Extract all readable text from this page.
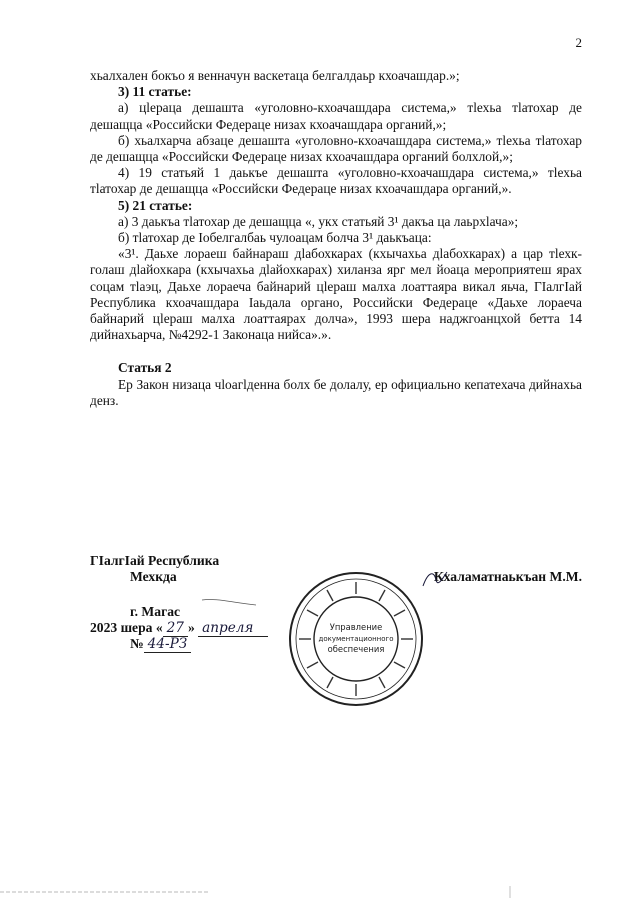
2

хьалхален бокъо я венначун васкетаца белгалдаьр кхоачашдар.»;

3) 11 статье:

а) цlераца дешашта «уголовно-кхоачашдара система,» тlехьа тlатохар де дешащца «Российски Федераце низах кхоачашдара органий,»;

б) хьалхарча абзаце дешашта «уголовно-кхоачашдара система,» тlехьа тlатохар де дешащца «Российски Федераце низах кхоачашдара органий болхлой,»;

4) 19 статьяй 1 даькъе дешашта «уголовно-кхоачашдара система,» тlехьа тlатохар де дешащца «Российски Федераце низах кхоачашдара органий,».

5) 21 статье:

а) 3 даькъа тlатохар де дешащца «, укх статьяй 3¹ дакъа ца лаьрхlача»;

б) тlатохар де Іобелгалбаь чулоацам болча 3¹ даькъаца:

«3¹. Даьхе лораеш байнараш дlабохкарах (кхычахьа дlабохкарах) а цар тlехк-голаш дlайохкара (кхычахьа дlайохкарах) хиланза ярг мел йоаца мероприятеш ярах соцам тlаэц, Даьхе лораеча байнарий цlераш малха лоаттаяра викал яьча, ГІалгІай Республика кхоачашдара Іаьдала органо, Российски Федераце «Даьхе лораеча байнарий цlераш малха лоаттаярах долча», 1993 шера наджгоанцхой бетта 14 дийнахьарча, №4292-1 Законаца нийса».».

Статья 2

Ер Закон низаца чlоагlденна болх бе долалу, ер официально кепатехача дийнахьа денз.

ГІалгІай Республика
Мехкда	Кхаламатнаькъан М.М.
г. Магас
2023 шера « 27 » апреля
№ 44-РЗ
Управление
документационного
обеспечения
